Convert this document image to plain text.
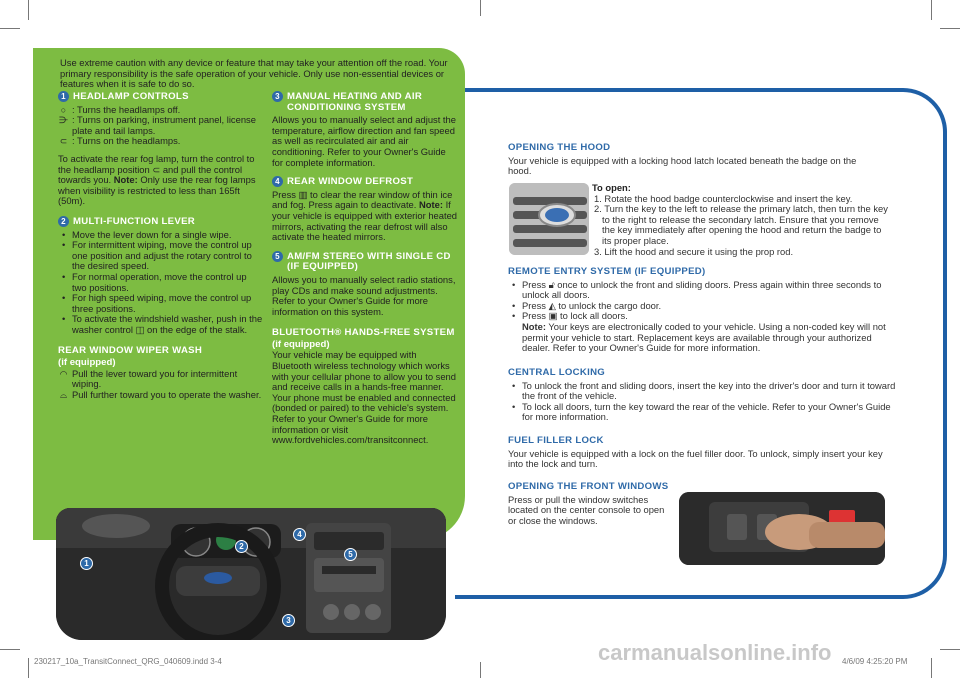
Use extreme caution with any device or feature that may take your attention off the road. Your primary responsibility is the safe operation of your vehicle. Only use non-essential devices or features when it is safe to do so.
1 HEADLAMP CONTROLS
○ : Turns the headlamps off.
⋺ : Turns on parking, instrument panel, license plate and tail lamps.
⊂ : Turns on the headlamps.

To activate the rear fog lamp, turn the control to the headlamp position ⊂ and pull the control towards you. Note: Only use the rear fog lamps when visibility is restricted to less than 165ft (50m).

2 MULTI-FUNCTION LEVER
• Move the lever down for a single wipe.
• For intermittent wiping, move the control up one position and adjust the rotary control to the desired speed.
• For normal operation, move the control up two positions.
• For high speed wiping, move the control up three positions.
• To activate the windshield washer, push in the washer control ◫ on the edge of the stalk.
REAR WINDOW WIPER WASH
(if equipped)
◠ Pull the lever toward you for intermittent wiping.
⌓ Pull further toward you to operate the washer.
3 MANUAL HEATING AND AIR CONDITIONING SYSTEM

Allows you to manually select and adjust the temperature, airflow direction and fan speed as well as recirculated air and air conditioning. Refer to your Owner's Guide for complete information.

4 REAR WINDOW DEFROST

Press ▥ to clear the rear window of thin ice and fog. Press again to deactivate. Note: If your vehicle is equipped with exterior heated mirrors, activating the rear defrost will also activate the heated mirrors.

5 AM/FM STEREO WITH SINGLE CD (IF EQUIPPED)

Allows you to manually select radio stations, play CDs and make sound adjustments. Refer to your Owner's Guide for more information on this system.

BLUETOOTH® HANDS-FREE SYSTEM
(if equipped)

Your vehicle may be equipped with Bluetooth wireless technology which works with your cellular phone to allow you to send and receive calls in a hands-free manner. Your phone must be enabled and connected (bonded or paired) to the vehicle's system. Refer to your Owner's Guide for more information or visit www.fordvehicles.com/transitconnect.

1
2
3
4
5
OPENING THE HOOD

Your vehicle is equipped with a locking hood latch located beneath the badge on the hood.

To open:
1. Rotate the hood badge counterclockwise and insert the key.
2. Turn the key to the left to release the primary latch, then turn the key to the right to release the secondary latch. Ensure that you remove the key immediately after opening the hood and return the badge to its proper place.
3. Lift the hood and secure it using the prop rod.
REMOTE ENTRY SYSTEM (IF EQUIPPED)
• Press 🔓︎ once to unlock the front and sliding doors. Press again within three seconds to unlock all doors.
• Press ◭ to unlock the cargo door.
• Press ▣ to lock all doors.
Note: Your keys are electronically coded to your vehicle. Using a non-coded key will not permit your vehicle to start. Replacement keys are available through your authorized dealer. Refer to your Owner's Guide for more information.
CENTRAL LOCKING
• To unlock the front and sliding doors, insert the key into the driver's door and turn it toward the front of the vehicle.
• To lock all doors, turn the key toward the rear of the vehicle. Refer to your Owner's Guide for more information.
FUEL FILLER LOCK

Your vehicle is equipped with a lock on the fuel filler door. To unlock, simply insert your key into the lock and turn.

OPENING THE FRONT WINDOWS

Press or pull the window switches located on the center console to open or close the windows.

230217_10a_TransitConnect_QRG_040609.indd 3-4	4/6/09 4:25:20 PM
carmanualsonline.info
